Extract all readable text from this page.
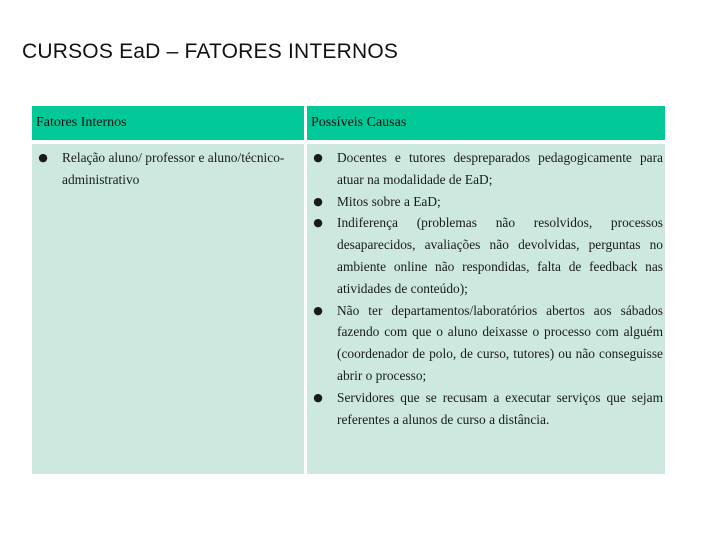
CURSOS EaD – FATORES INTERNOS
Fatores Internos	Possíveis Causas
● Relação aluno/ professor e aluno/técnico-administrativo
● Docentes e tutores despreparados pedagogicamente para atuar na modalidade de EaD;
● Mitos sobre a EaD;
● Indiferença (problemas não resolvidos, processos desaparecidos, avaliações não devolvidas, perguntas no ambiente online não respondidas, falta de feedback nas atividades de conteúdo);
● Não ter departamentos/laboratórios abertos aos sábados fazendo com que o aluno deixasse o processo com alguém (coordenador de polo, de curso, tutores) ou não conseguisse abrir o processo;
● Servidores que se recusam a executar serviços que sejam referentes a alunos de curso a distância.
